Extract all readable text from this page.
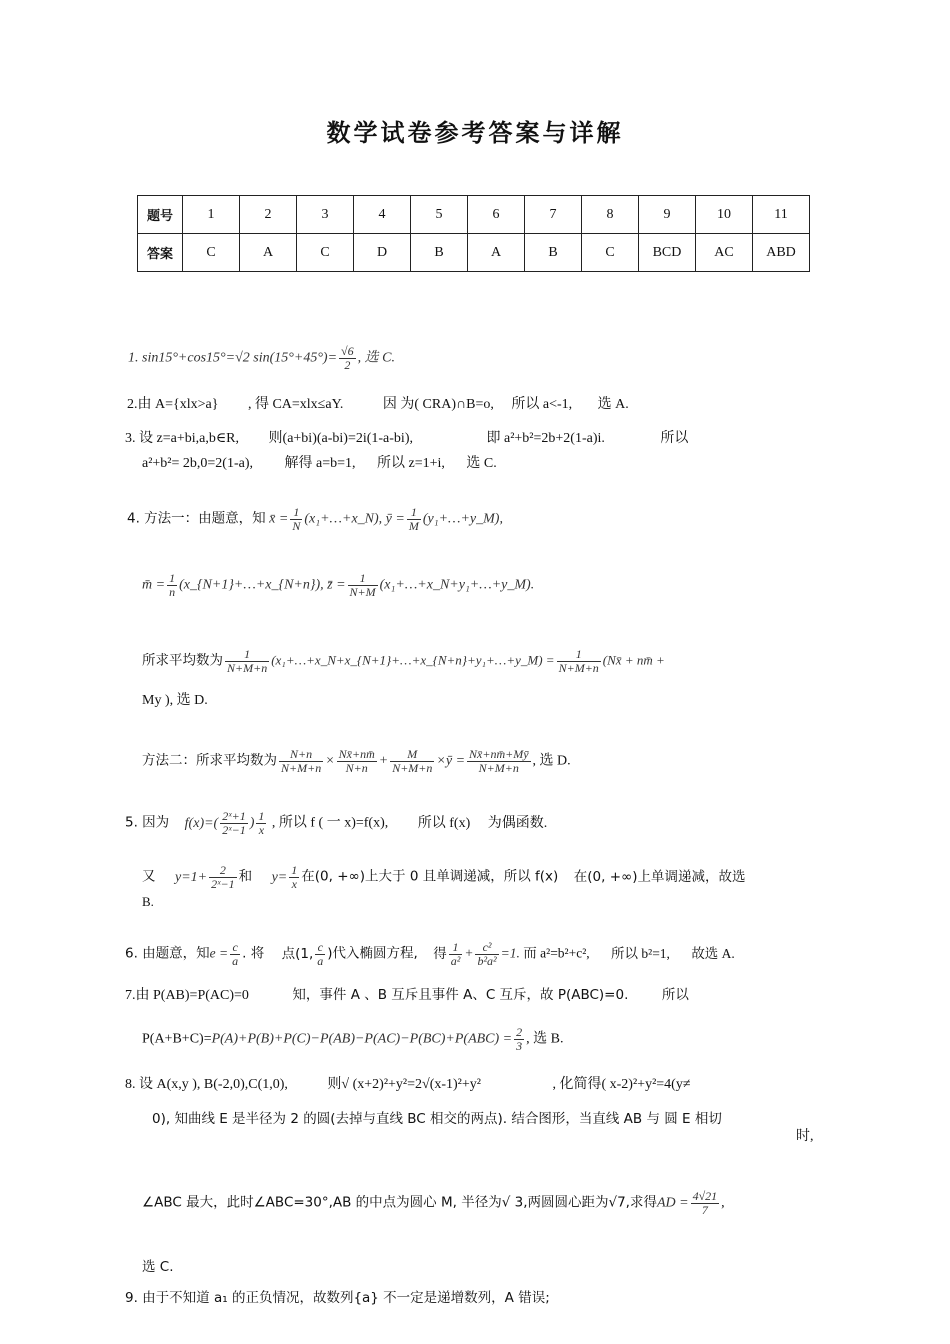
数学试卷参考答案与详解
题号	1	2	3	4	5	6	7	8	9	10	11
答案	C	A	C	D	B	A	B	C	BCD	AC	ABD
1. sin15°+cos15°=√2 $\sin(15^\circ+45^\circ)= \frac{√6}{2}$ , 选 C.
2.由 A={xlx>a} , 得 CA=xlx≤aY.	因 为( CRA)∩B=o, 所以 a<-1, 选 A.
3. 设 z=a+bi,a,b∈R, 则(a+bi)(a-bi)=2i(1-a-bi),	即 a²+b²=2b+2(1-a)i.	所以
a²+b²= 2b,0=2(1-a), 解得 a=b=1, 所以 z=1+i, 选 C.
4. 方法一：由题意，知 x̄ = $\frac{1}{N}$ (x₁+…+x_N), ȳ = $\frac{1}{M}$ (y₁+…+y_M),
m̄ = $\frac{1}{n}$ (x_{N+1}+…+x_{N+n}), z̄ = $\frac{1}{N+M}$ (x₁+…+x_N+y₁+…+y_M).
所求平均数为 $\frac{1}{N+M+n}$ (x₁+…+x_N+x_{N+1}+…+x_{N+n}+y₁+…+y_M) = $\frac{1}{N+M+n}$ (Nx̄ + nm̄ +
My ), 选 D.
方法二：所求平均数为 $\frac{N+n}{N+M+n} \times \frac{Nx̄+nm̄}{N+n} + \frac{M}{N+M+n}$ ×ȳ = $\frac{Nx̄+nm̄+Mȳ}{N+M+n}$ , 选 D.
5. 因为 $f(x)=( \frac{\text{2ˣ+1}}{\text{2ˣ−1}}$ ) $\frac{1}{x}$ , 所以 f ( 一 x)=f(x), 所以 f(x) 为偶函数.
又 $y=1+ \frac{2}{\text{2ˣ−1}}$ 和 $y= \frac{1}{x}$ 在(0, +∞)上大于 0 且单调递减，所以 f(x) 在(0, +∞)上单调递减，故选
B.
6. 由题意，知$e = \frac{c}{a}$ . 将 点(1, $\frac{c}{a}$ )代入椭圆方程, 得 $\frac{1}{\text{a²}} + \frac{\text{c²}}{\text{b²a²}} =1$. 而 a²=b²+c², 所以 b²=1, 故选 A.
7.由 P(AB)=P(AC)=0	知，事件 A 、B 互斥且事件 A、C 互斥，故 P(ABC)=0. 所以
$P(A+B+C)=P(A)+P(B)+P(C)-P(AB)-P(AC)-P(BC)+P(ABC) = \frac{2}{3}$ , 选 B.
8. 设 A(x,y ), B(-2,0),C(1,0),	则√ (x+2)²+y²=2√(x-1)²+y²	, 化简得( x-2)²+y²=4(y≠
0), 知曲线 E 是半径为 2 的圆(去掉与直线 BC 相交的两点). 结合图形，当直线 AB 与 圆 E 相切
时,
∠ABC 最大，此时∠ABC=30°,AB 的中点为圆心 M, 半径为√ 3,两圆圆心距为√7,求得AD = $\frac{4√21}{7}$ ,
选 C.
9. 由于不知道 a₁ 的正负情况，故数列{a} 不一定是递增数列，A 错误;
